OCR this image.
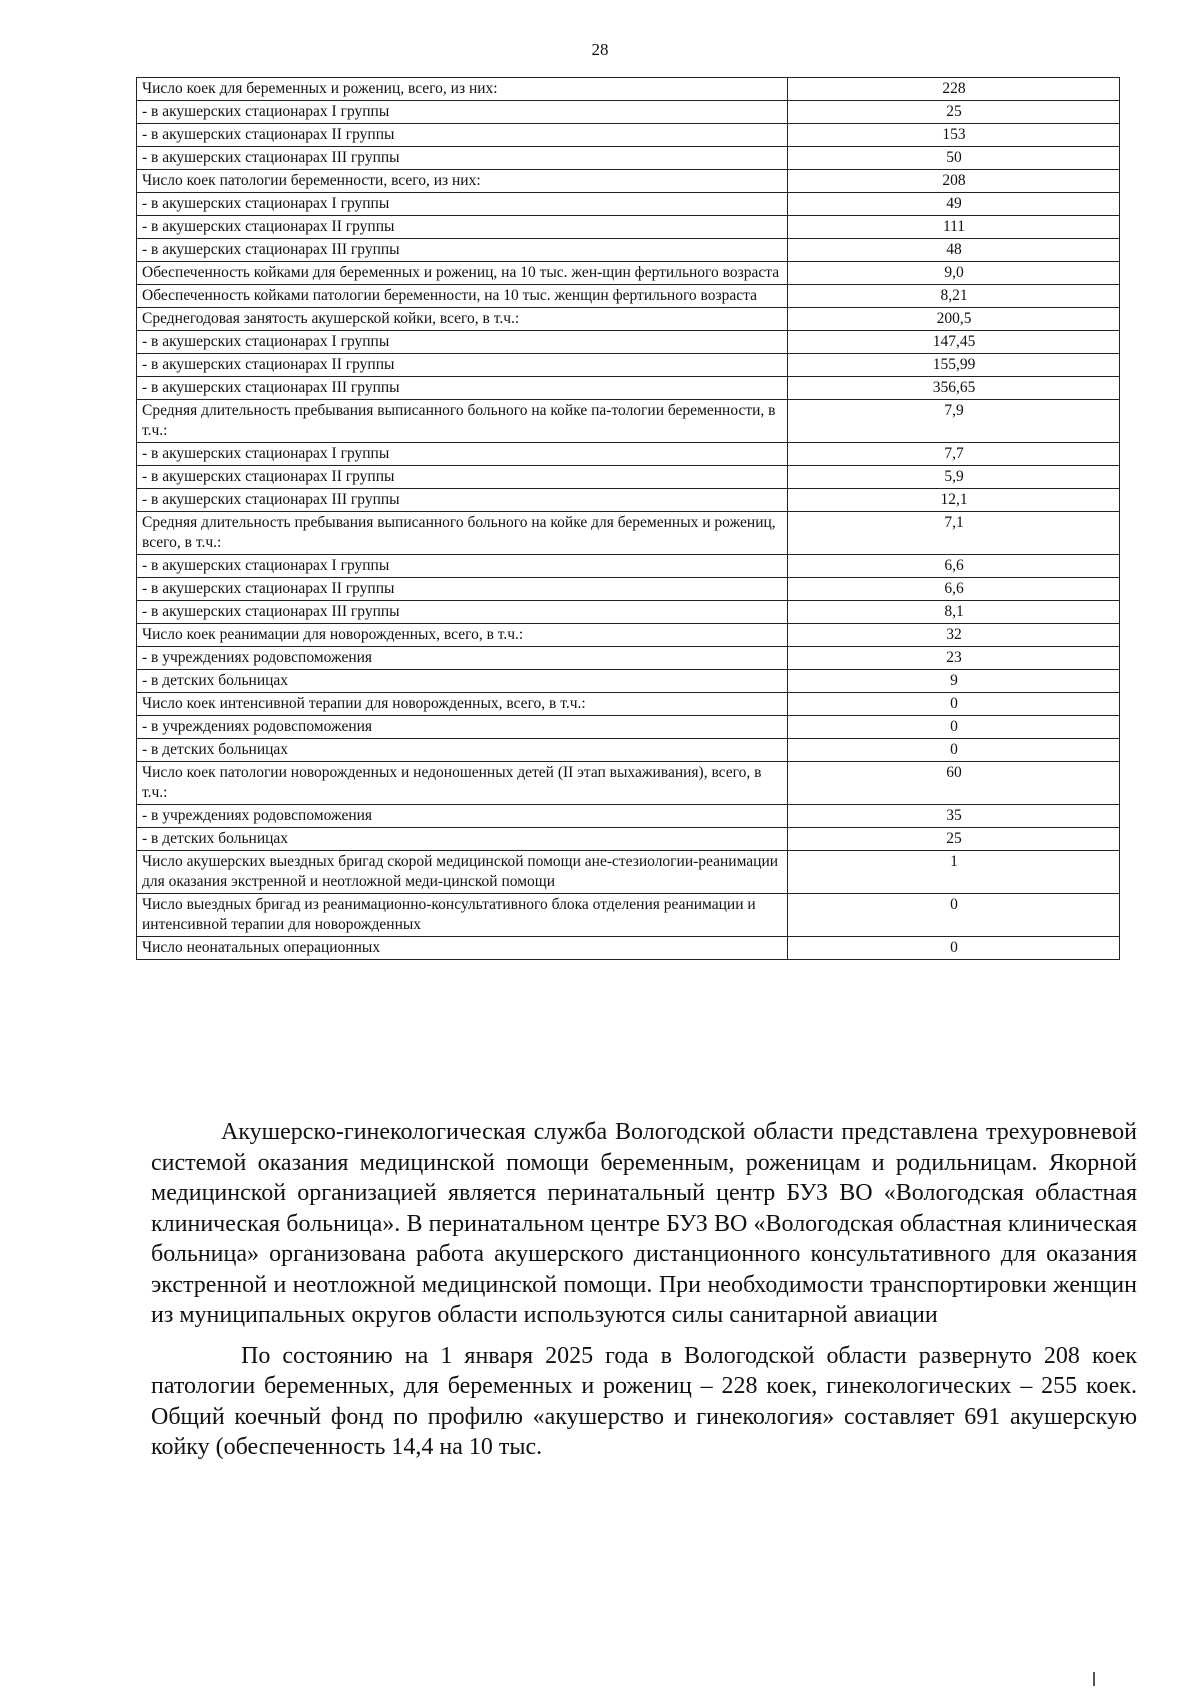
28
Число коек для беременных и рожениц, всего, из них:	228
- в акушерских стационарах I группы	25
- в акушерских стационарах II группы	153
- в акушерских стационарах III группы	50
Число коек патологии беременности, всего, из них:	208
- в акушерских стационарах I группы	49
- в акушерских стационарах II группы	111
- в акушерских стационарах III группы	48
Обеспеченность койками для беременных и рожениц, на 10 тыс. жен-щин фертильного возраста	9,0
Обеспеченность койками патологии беременности, на 10 тыс. женщин фертильного возраста	8,21
Среднегодовая занятость акушерской койки, всего, в т.ч.:	200,5
- в акушерских стационарах I группы	147,45
- в акушерских стационарах II группы	155,99
- в акушерских стационарах III группы	356,65
Средняя длительность пребывания выписанного больного на койке па-тологии беременности, в т.ч.:	7,9
- в акушерских стационарах I группы	7,7
- в акушерских стационарах II группы	5,9
- в акушерских стационарах III группы	12,1
Средняя длительность пребывания выписанного больного на койке для беременных и рожениц, всего, в т.ч.:	7,1
- в акушерских стационарах I группы	6,6
- в акушерских стационарах II группы	6,6
- в акушерских стационарах III группы	8,1
Число коек реанимации для новорожденных, всего, в т.ч.:	32
- в учреждениях родовспоможения	23
- в детских больницах	9
Число коек интенсивной терапии для новорожденных, всего, в т.ч.:	0
- в учреждениях родовспоможения	0
- в детских больницах	0
Число коек патологии новорожденных и недоношенных детей (II этап выхаживания), всего, в т.ч.:	60
- в учреждениях родовспоможения	35
- в детских больницах	25
Число акушерских выездных бригад скорой медицинской помощи ане-стезиологии-реанимации для оказания экстренной и неотложной меди-цинской помощи	1
Число выездных бригад из реанимационно-консультативного блока отделения реанимации и интенсивной терапии для новорожденных	0
Число неонатальных операционных	0

Акушерско-гинекологическая служба Вологодской области представлена трехуровневой системой оказания медицинской помощи беременным, роженицам и родильницам. Якорной медицинской организацией является перинатальный центр БУЗ ВО «Вологодская областная клиническая больница». В перинатальном центре БУЗ ВО «Вологодская областная клиническая больница» организована работа акушерского дистанционного консультативного для оказания экстренной и неотложной медицинской помощи. При необходимости транспортировки женщин из муниципальных округов области используются силы санитарной авиации

По состоянию на 1 января 2025 года в Вологодской области развернуто 208 коек патологии беременных, для беременных и рожениц – 228 коек, гинекологических – 255 коек. Общий коечный фонд по профилю «акушерство и гинекология» составляет 691 акушерскую койку (обеспеченность 14,4 на 10 тыс.
